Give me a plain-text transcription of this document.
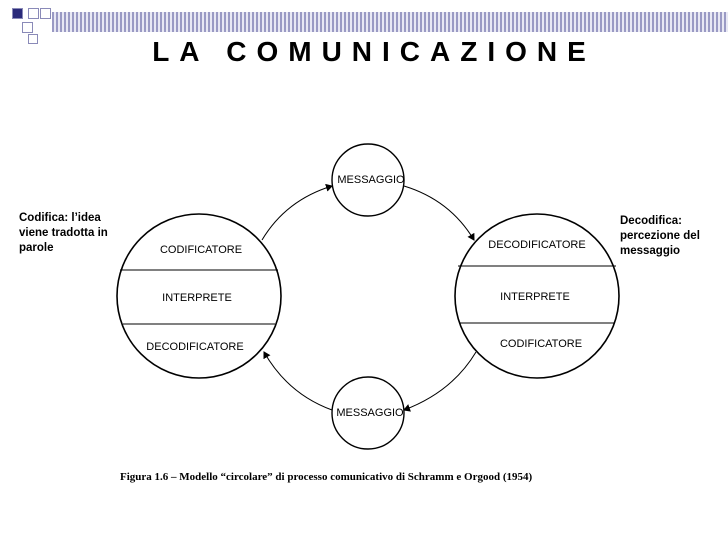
LA COMUNICAZIONE
Codifica: l’idea viene tradotta in parole
Decodifica: percezione del messaggio
MESSAGGIO
MESSAGGIO
CODIFICATORE
INTERPRETE
DECODIFICATORE
DECODIFICATORE
INTERPRETE
CODIFICATORE
Figura 1.6 – Modello “circolare” di processo comunicativo di Schramm e Orgood (1954)
